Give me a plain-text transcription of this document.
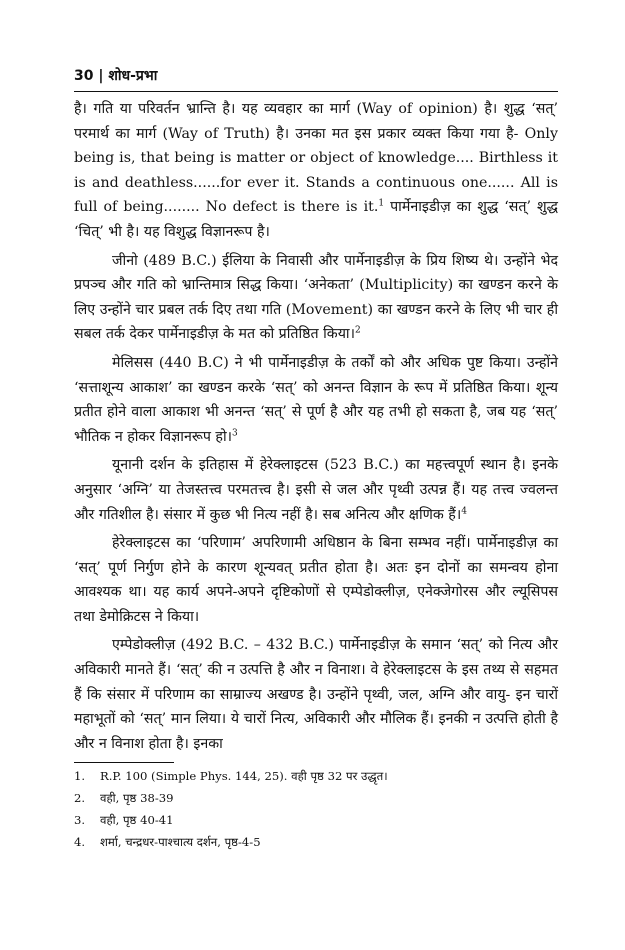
30 | शोध-प्रभा

है। गति या परिवर्तन भ्रान्ति है। यह व्यवहार का मार्ग (Way of opinion) है। शुद्ध ‘सत्’ परमार्थ का मार्ग (Way of Truth) है। उनका मत इस प्रकार व्यक्त किया गया है- Only being is, that being is matter or object of knowledge.... Birthless it is and deathless......for ever it. Stands a continuous one...... All is full of being........ No defect is there is it.$^1$ पार्मेनाइडीज़ का शुद्ध ‘सत्’ शुद्ध ‘चित्’ भी है। यह विशुद्ध विज्ञानरूप है।

जीनो (489 B.C.) ईलिया के निवासी और पार्मेनाइडीज़ के प्रिय शिष्य थे। उन्होंने भेद प्रपञ्च और गति को भ्रान्तिमात्र सिद्ध किया। ‘अनेकता’ (Multiplicity) का खण्डन करने के लिए उन्होंने चार प्रबल तर्क दिए तथा गति (Movement) का खण्डन करने के लिए भी चार ही सबल तर्क देकर पार्मेनाइडीज़ के मत को प्रतिष्ठित किया।$^2$

मेलिसस (440 B.C) ने भी पार्मेनाइडीज़ के तर्कों को और अधिक पुष्ट किया। उन्होंने ‘सत्ताशून्य आकाश’ का खण्डन करके ‘सत्’ को अनन्त विज्ञान के रूप में प्रतिष्ठित किया। शून्य प्रतीत होने वाला आकाश भी अनन्त ‘सत्’ से पूर्ण है और यह तभी हो सकता है, जब यह ‘सत्’ भौतिक न होकर विज्ञानरूप हो।$^3$

यूनानी दर्शन के इतिहास में हेरेक्लाइटस (523 B.C.) का महत्त्वपूर्ण स्थान है। इनके अनुसार ‘अग्नि’ या तेजस्तत्त्व परमतत्त्व है। इसी से जल और पृथ्वी उत्पन्न हैं। यह तत्त्व ज्वलन्त और गतिशील है। संसार में कुछ भी नित्य नहीं है। सब अनित्य और क्षणिक हैं।$^4$

हेरेक्लाइटस का ‘परिणाम’ अपरिणामी अधिष्ठान के बिना सम्भव नहीं। पार्मेनाइडीज़ का ‘सत्’ पूर्ण निर्गुण होने के कारण शून्यवत् प्रतीत होता है। अतः इन दोनों का समन्वय होना आवश्यक था। यह कार्य अपने-अपने दृष्टिकोणों से एम्पेडोक्लीज़, एनेक्जेगोरस और ल्यूसिपस तथा डेमोक्रिटस ने किया।

एम्पेडोक्लीज़ (492 B.C. – 432 B.C.) पार्मेनाइडीज़ के समान ‘सत्’ को नित्य और अविकारी मानते हैं। ‘सत्’ की न उत्पत्ति है और न विनाश। वे हेरेक्लाइटस के इस तथ्य से सहमत हैं कि संसार में परिणाम का साम्राज्य अखण्ड है। उन्होंने पृथ्वी, जल, अग्नि और वायु- इन चारों महाभूतों को ‘सत्’ मान लिया। ये चारों नित्य, अविकारी और मौलिक हैं। इनकी न उत्पत्ति होती है और न विनाश होता है। इनका

1.	R.P. 100 (Simple Phys. 144, 25). वही पृष्ठ 32 पर उद्धृत।
2.	वही, पृष्ठ 38-39
3.	वही, पृष्ठ 40-41
4.	शर्मा, चन्द्रधर-पाश्चात्य दर्शन, पृष्ठ-4-5
